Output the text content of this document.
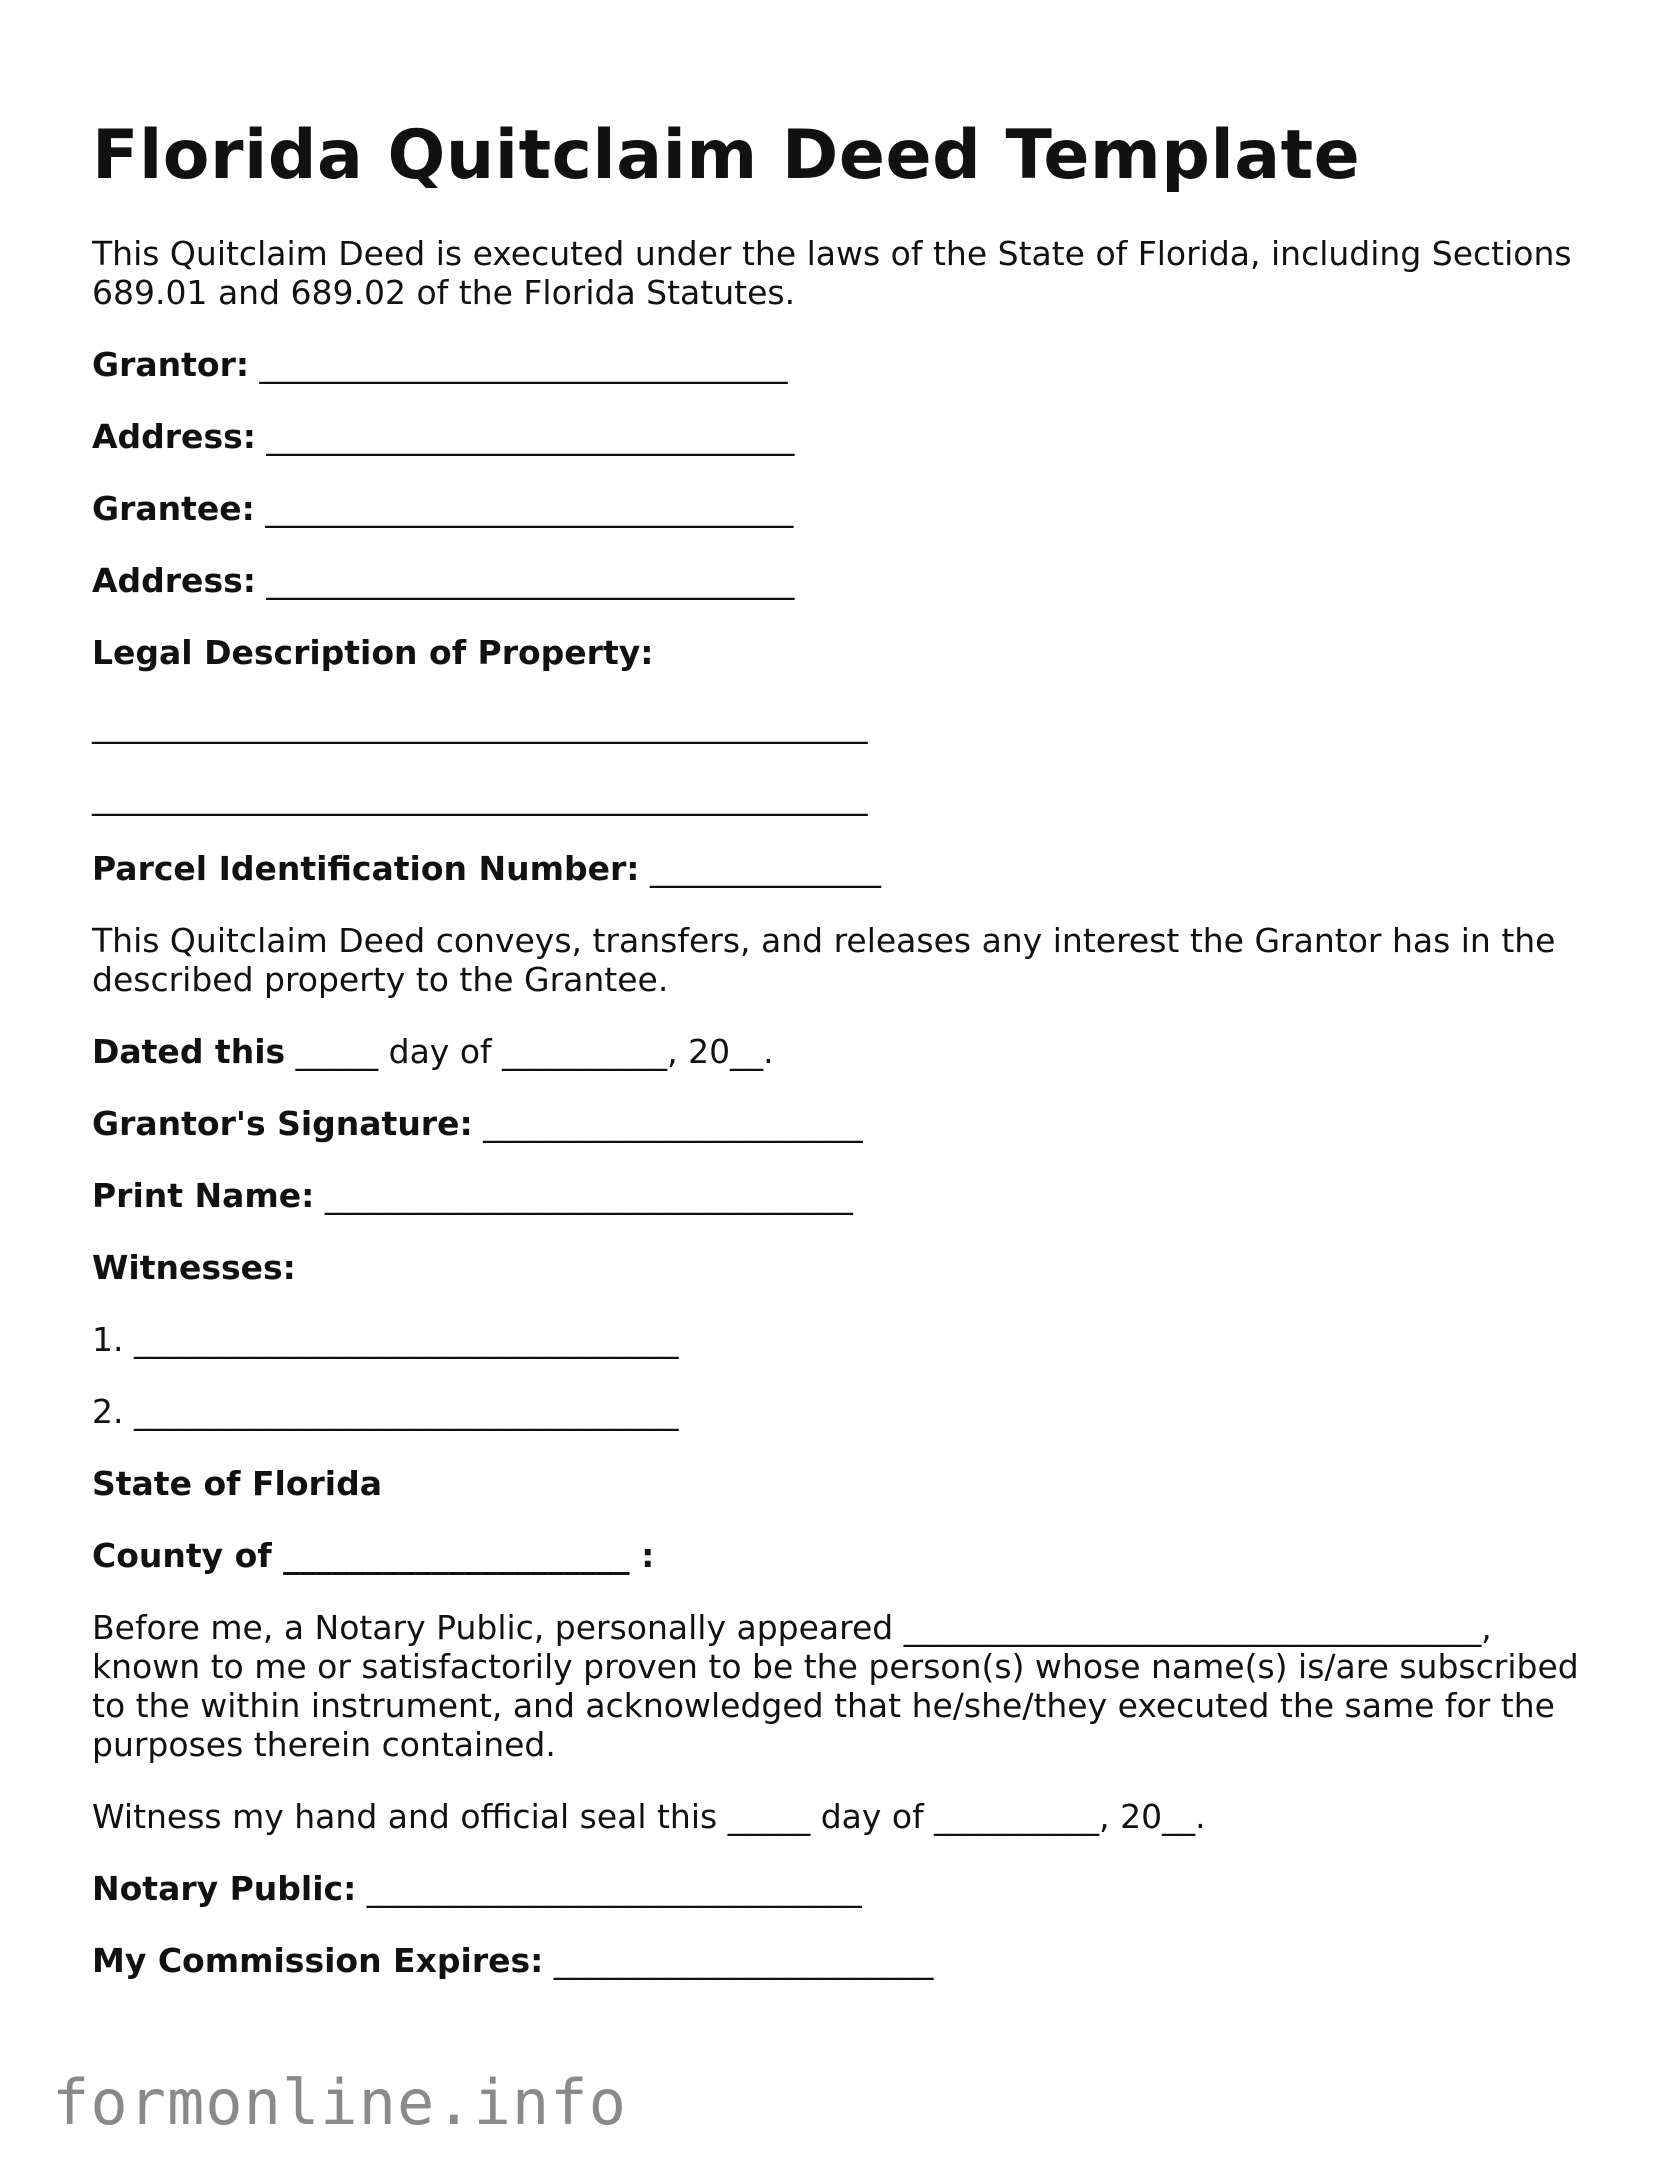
Florida Quitclaim Deed Template

This Quitclaim Deed is executed under the laws of the State of Florida, including Sections 689.01 and 689.02 of the Florida Statutes.

Grantor: ________________________________

Address: ________________________________

Grantee: ________________________________

Address: ________________________________

Legal Description of Property:

_______________________________________________

_______________________________________________

Parcel Identification Number: ______________

This Quitclaim Deed conveys, transfers, and releases any interest the Grantor has in the described property to the Grantee.

Dated this _____ day of __________, 20__.

Grantor's Signature: _______________________

Print Name: ________________________________

Witnesses:

1. _________________________________

2. _________________________________

State of Florida

County of _____________________ :

Before me, a Notary Public, personally appeared ___________________________________, known to me or satisfactorily proven to be the person(s) whose name(s) is/are subscribed to the within instrument, and acknowledged that he/she/they executed the same for the purposes therein contained.

Witness my hand and official seal this _____ day of __________, 20__.

Notary Public: ______________________________

My Commission Expires: _______________________

formonline.info
